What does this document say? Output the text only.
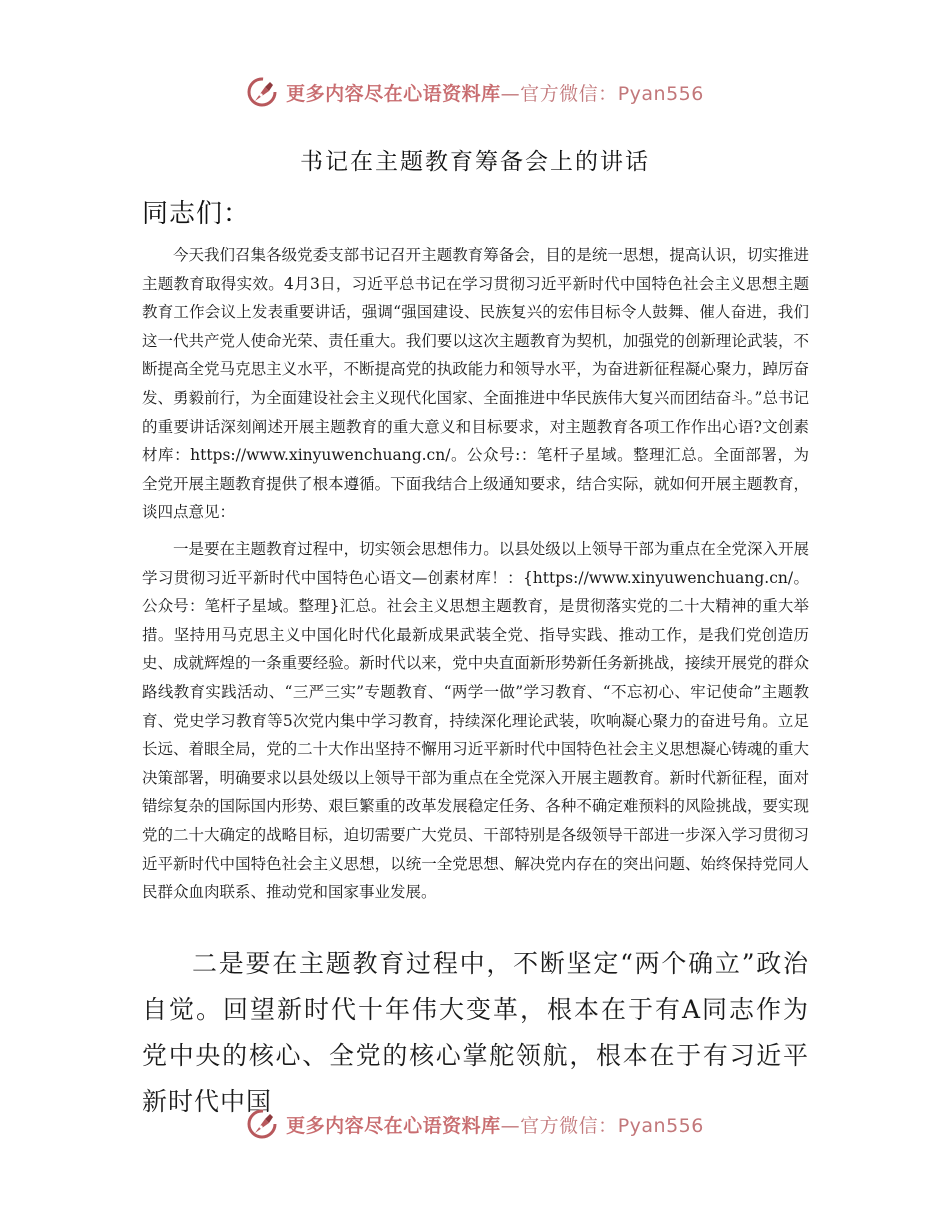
更多内容尽在心语资料库—官方微信：Pyan556
书记在主题教育筹备会上的讲话
同志们：

今天我们召集各级党委支部书记召开主题教育筹备会，目的是统一思想，提高认识，切实推进主题教育取得实效。4月3日，习近平总书记在学习贯彻习近平新时代中国特色社会主义思想主题教育工作会议上发表重要讲话，强调“强国建设、民族复兴的宏伟目标令人鼓舞、催人奋进，我们这一代共产党人使命光荣、责任重大。我们要以这次主题教育为契机，加强党的创新理论武装，不断提高全党马克思主义水平，不断提高党的执政能力和领导水平，为奋进新征程凝心聚力，踔厉奋发、勇毅前行，为全面建设社会主义现代化国家、全面推进中华民族伟大复兴而团结奋斗。”总书记的重要讲话深刻阐述开展主题教育的重大意义和目标要求，对主题教育各项工作作出心语?文创素材库：https://www.xinyuwenchuang.cn/。公众号:：笔杆子星域。整理汇总。全面部署，为全党开展主题教育提供了根本遵循。下面我结合上级通知要求，结合实际，就如何开展主题教育，谈四点意见：

一是要在主题教育过程中，切实领会思想伟力。以县处级以上领导干部为重点在全党深入开展学习贯彻习近平新时代中国特色心语文—创素材库！：{https://www.xinyuwenchuang.cn/。公众号：笔杆子星域。整理}汇总。社会主义思想主题教育，是贯彻落实党的二十大精神的重大举措。坚持用马克思主义中国化时代化最新成果武装全党、指导实践、推动工作，是我们党创造历史、成就辉煌的一条重要经验。新时代以来，党中央直面新形势新任务新挑战，接续开展党的群众路线教育实践活动、“三严三实”专题教育、“两学一做”学习教育、“不忘初心、牢记使命”主题教育、党史学习教育等5次党内集中学习教育，持续深化理论武装，吹响凝心聚力的奋进号角。立足长远、着眼全局，党的二十大作出坚持不懈用习近平新时代中国特色社会主义思想凝心铸魂的重大决策部署，明确要求以县处级以上领导干部为重点在全党深入开展主题教育。新时代新征程，面对错综复杂的国际国内形势、艰巨繁重的改革发展稳定任务、各种不确定难预料的风险挑战，要实现党的二十大确定的战略目标，迫切需要广大党员、干部特别是各级领导干部进一步深入学习贯彻习近平新时代中国特色社会主义思想，以统一全党思想、解决党内存在的突出问题、始终保持党同人民群众血肉联系、推动党和国家事业发展。

二是要在主题教育过程中，不断坚定“两个确立”政治自觉。回望新时代十年伟大变革，根本在于有A同志作为党中央的核心、全党的核心掌舵领航，根本在于有习近平新时代中国

更多内容尽在心语资料库—官方微信：Pyan556
